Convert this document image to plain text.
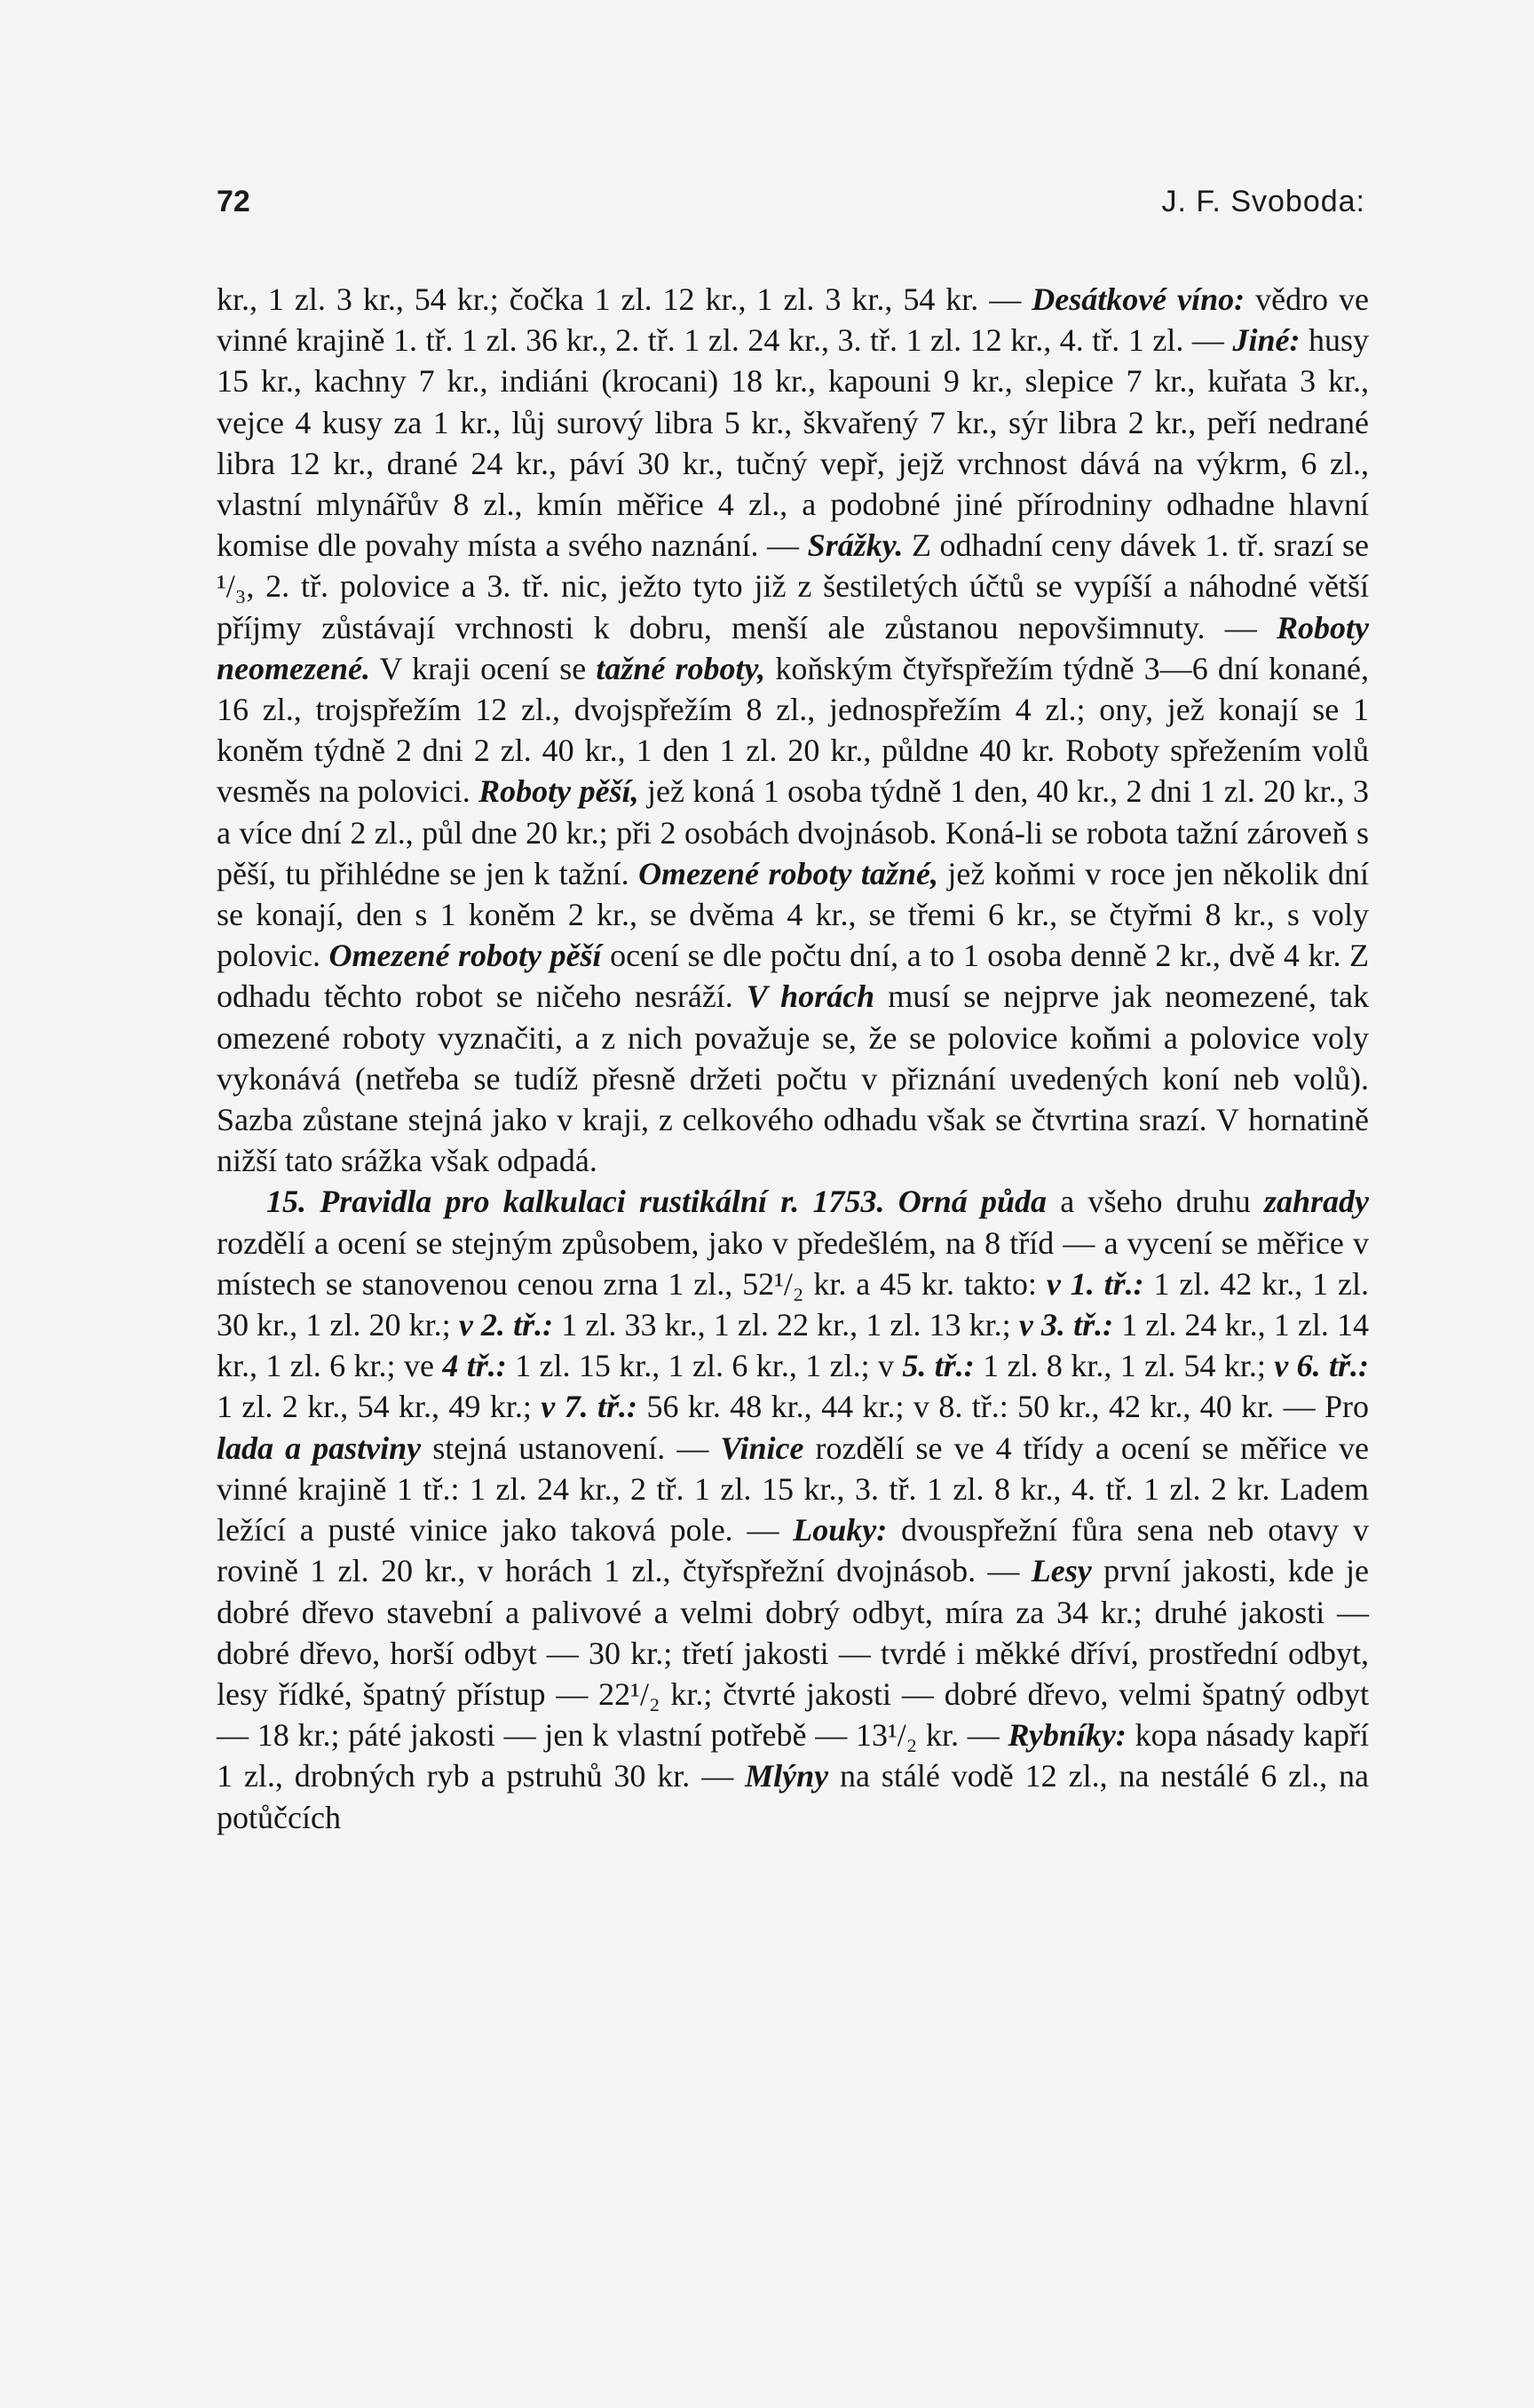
72	J. F. Svoboda:

kr., 1 zl. 3 kr., 54 kr.; čočka 1 zl. 12 kr., 1 zl. 3 kr., 54 kr. — Desátkové víno: vědro ve vinné krajině 1. tř. 1 zl. 36 kr., 2. tř. 1 zl. 24 kr., 3. tř. 1 zl. 12 kr., 4. tř. 1 zl. — Jiné: husy 15 kr., kachny 7 kr., indiáni (krocani) 18 kr., kapouni 9 kr., slepice 7 kr., kuřata 3 kr., vejce 4 kusy za 1 kr., lůj surový libra 5 kr., škvařený 7 kr., sýr libra 2 kr., peří nedrané libra 12 kr., drané 24 kr., páví 30 kr., tučný vepř, jejž vrchnost dává na výkrm, 6 zl., vlastní mlynářův 8 zl., kmín měřice 4 zl., a podobné jiné přírodniny odhadne hlavní komise dle povahy místa a svého naznání. — Srážky. Z odhadní ceny dávek 1. tř. srazí se ¹/₃, 2. tř. polovice a 3. tř. nic, ježto tyto již z šestiletých účtů se vypíší a náhodné větší příjmy zůstávají vrchnosti k dobru, menší ale zůstanou nepovšimnuty. — Roboty neomezené. V kraji ocení se tažné roboty, koňským čtyřspřežím týdně 3—6 dní konané, 16 zl., trojspřežím 12 zl., dvojspřežím 8 zl., jednospřežím 4 zl.; ony, jež konají se 1 koněm týdně 2 dni 2 zl. 40 kr., 1 den 1 zl. 20 kr., půldne 40 kr. Roboty spřežením volů vesměs na polovici. Roboty pěší, jež koná 1 osoba týdně 1 den, 40 kr., 2 dni 1 zl. 20 kr., 3 a více dní 2 zl., půl dne 20 kr.; při 2 osobách dvojnásob. Koná-li se robota tažní zároveň s pěší, tu přihlédne se jen k tažní. Omezené roboty tažné, jež koňmi v roce jen několik dní se konají, den s 1 koněm 2 kr., se dvěma 4 kr., se třemi 6 kr., se čtyřmi 8 kr., s voly polovic. Omezené roboty pěší ocení se dle počtu dní, a to 1 osoba denně 2 kr., dvě 4 kr. Z odhadu těchto robot se ničeho nesráží. V horách musí se nejprve jak neomezené, tak omezené roboty vyznačiti, a z nich považuje se, že se polovice koňmi a polovice voly vykonává (netřeba se tudíž přesně držeti počtu v přiznání uvedených koní neb volů). Sazba zůstane stejná jako v kraji, z celkového odhadu však se čtvrtina srazí. V hornatině nižší tato srážka však odpadá.

15. Pravidla pro kalkulaci rustikální r. 1753. Orná půda a všeho druhu zahrady rozdělí a ocení se stejným způsobem, jako v předešlém, na 8 tříd — a vycení se měřice v místech se stanovenou cenou zrna 1 zl., 52¹/₂ kr. a 45 kr. takto: v 1. tř.: 1 zl. 42 kr., 1 zl. 30 kr., 1 zl. 20 kr.; v 2. tř.: 1 zl. 33 kr., 1 zl. 22 kr., 1 zl. 13 kr.; v 3. tř.: 1 zl. 24 kr., 1 zl. 14 kr., 1 zl. 6 kr.; ve 4 tř.: 1 zl. 15 kr., 1 zl. 6 kr., 1 zl.; v 5. tř.: 1 zl. 8 kr., 1 zl. 54 kr.; v 6. tř.: 1 zl. 2 kr., 54 kr., 49 kr.; v 7. tř.: 56 kr. 48 kr., 44 kr.; v 8. tř.: 50 kr., 42 kr., 40 kr. — Pro lada a pastviny stejná ustanovení. — Vinice rozdělí se ve 4 třídy a ocení se měřice ve vinné krajině 1 tř.: 1 zl. 24 kr., 2 tř. 1 zl. 15 kr., 3. tř. 1 zl. 8 kr., 4. tř. 1 zl. 2 kr. Ladem ležící a pusté vinice jako taková pole. — Louky: dvouspřežní fůra sena neb otavy v rovině 1 zl. 20 kr., v horách 1 zl., čtyřspřežní dvojnásob. — Lesy první jakosti, kde je dobré dřevo stavební a palivové a velmi dobrý odbyt, míra za 34 kr.; druhé jakosti — dobré dřevo, horší odbyt — 30 kr.; třetí jakosti — tvrdé i měkké dříví, prostřední odbyt, lesy řídké, špatný přístup — 22¹/₂ kr.; čtvrté jakosti — dobré dřevo, velmi špatný odbyt — 18 kr.; páté jakosti — jen k vlastní potřebě — 13¹/₂ kr. — Rybníky: kopa násady kapří 1 zl., drobných ryb a pstruhů 30 kr. — Mlýny na stálé vodě 12 zl., na nestálé 6 zl., na potůčcích
